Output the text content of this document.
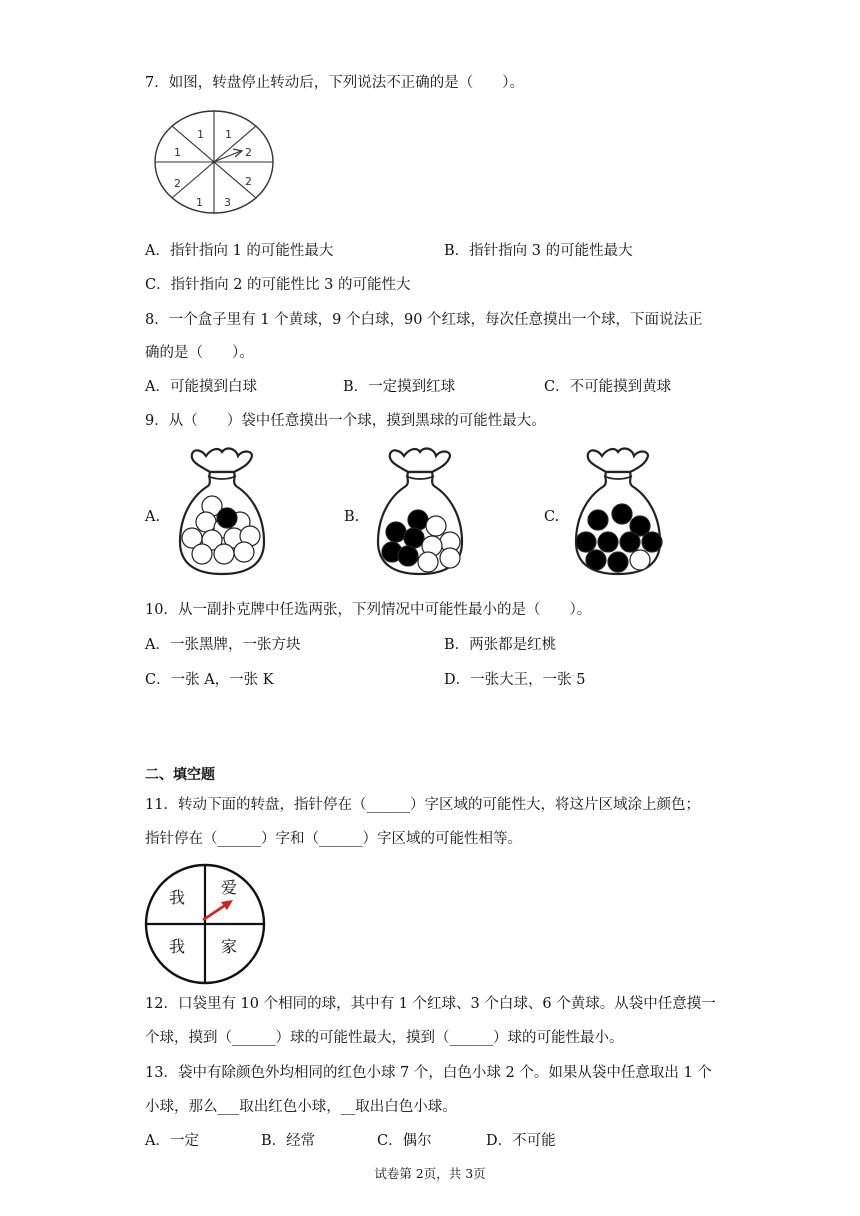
7．如图，转盘停止转动后，下列说法不正确的是（　　）。
1 1
2
2
3
1
2
1
A．指针指向 1 的可能性最大	B．指针指向 3 的可能性最大
C．指针指向 2 的可能性比 3 的可能性大
8．一个盒子里有 1 个黄球，9 个白球，90 个红球，每次任意摸出一个球，下面说法正
确的是（　　）。
A．可能摸到白球	B．一定摸到红球	C．不可能摸到黄球
9．从（　　）袋中任意摸出一个球，摸到黑球的可能性最大。
A.	B.	C.
10．从一副扑克牌中任选两张，下列情况中可能性最小的是（　　）。
A．一张黑牌，一张方块	B．两张都是红桃
C．一张 A，一张 K	D．一张大王，一张 5
二、填空题
11．转动下面的转盘，指针停在（______）字区域的可能性大，将这片区域涂上颜色；
指针停在（______）字和（______）字区域的可能性相等。
我
爱
我 家
12．口袋里有 10 个相同的球，其中有 1 个红球、3 个白球、6 个黄球。从袋中任意摸一
个球，摸到（______）球的可能性最大，摸到（______）球的可能性最小。
13．袋中有除颜色外均相同的红色小球 7 个，白色小球 2 个。如果从袋中任意取出 1 个
小球，那么___取出红色小球，__取出白色小球。
A．一定	B．经常	C．偶尔	D．不可能
试卷第 2页，共 3页
